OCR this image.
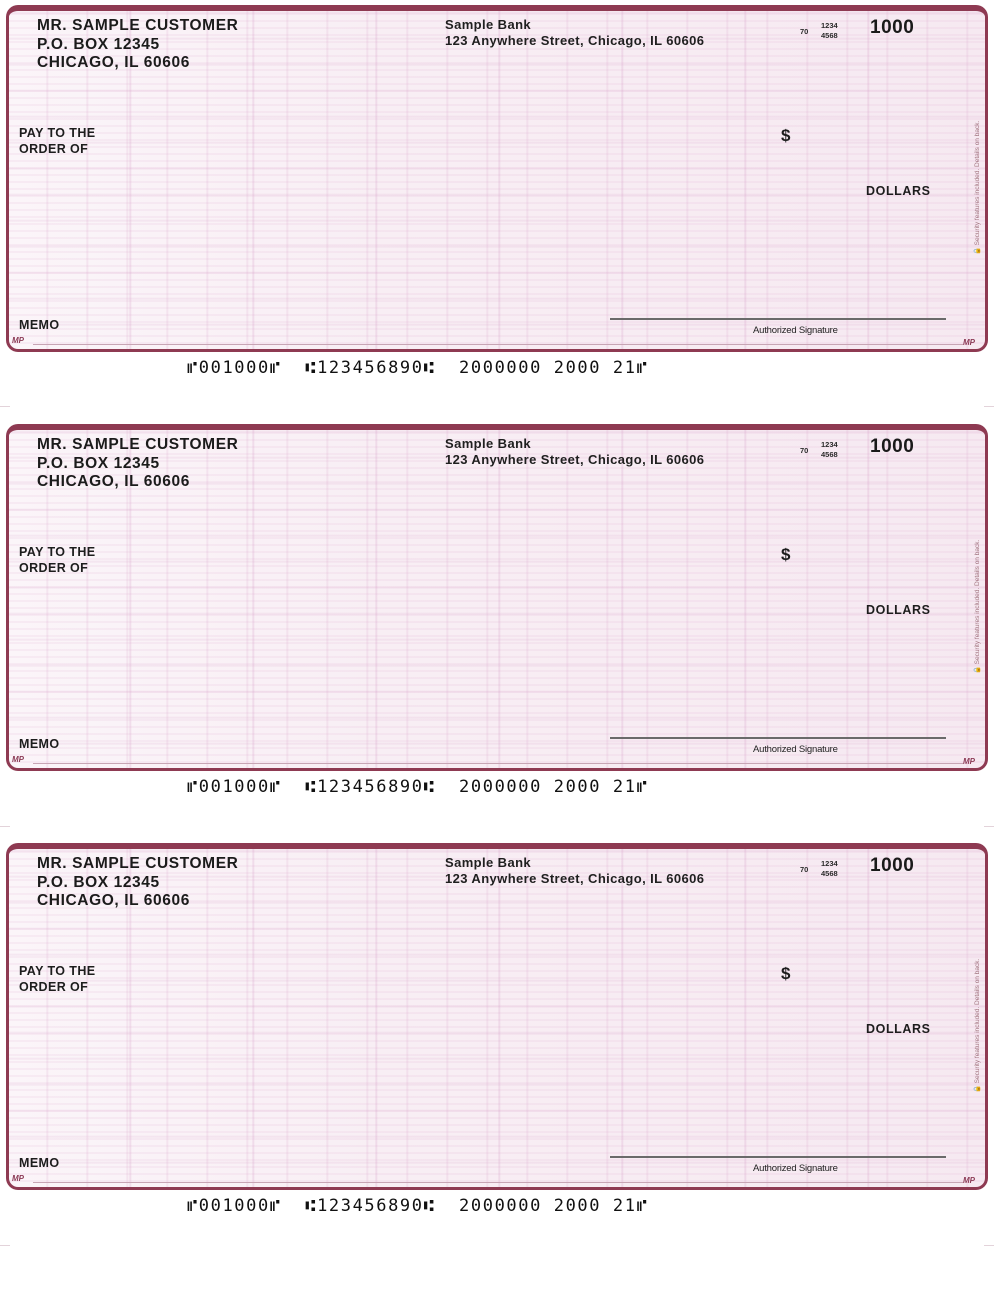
THE FACE OF THIS DOCUMENT HAS A COLORED BACKGROUND ON WHITE PAPER AND ORIGINAL DOCUMENT SECURITY SCREEN ON BACK WITH PADLOCK SECURITY ICON.
MR. SAMPLE CUSTOMER
P.O. BOX 12345
CHICAGO, IL 60606
Sample Bank
123 Anywhere Street, Chicago, IL 60606
70
1234
4568 1000
PAY TO THE
ORDER OF
$
DOLLARS	🔒 Security features included. Details on back.
MEMO	Authorized Signature
MP	MP
⑈001000⑈  ⑆123456890⑆  2000000 2000 21⑈
THE FACE OF THIS DOCUMENT HAS A COLORED BACKGROUND ON WHITE PAPER AND ORIGINAL DOCUMENT SECURITY SCREEN ON BACK WITH PADLOCK SECURITY ICON.
MR. SAMPLE CUSTOMER
P.O. BOX 12345
CHICAGO, IL 60606
Sample Bank
123 Anywhere Street, Chicago, IL 60606
70
1234
4568 1000
PAY TO THE
ORDER OF
$
DOLLARS	🔒 Security features included. Details on back.
MEMO	Authorized Signature
MP	MP
⑈001000⑈  ⑆123456890⑆  2000000 2000 21⑈
THE FACE OF THIS DOCUMENT HAS A COLORED BACKGROUND ON WHITE PAPER AND ORIGINAL DOCUMENT SECURITY SCREEN ON BACK WITH PADLOCK SECURITY ICON.
MR. SAMPLE CUSTOMER
P.O. BOX 12345
CHICAGO, IL 60606
Sample Bank
123 Anywhere Street, Chicago, IL 60606
70
1234
4568 1000
PAY TO THE
ORDER OF
$
DOLLARS	🔒 Security features included. Details on back.
MEMO	Authorized Signature
MP	MP
⑈001000⑈  ⑆123456890⑆  2000000 2000 21⑈
